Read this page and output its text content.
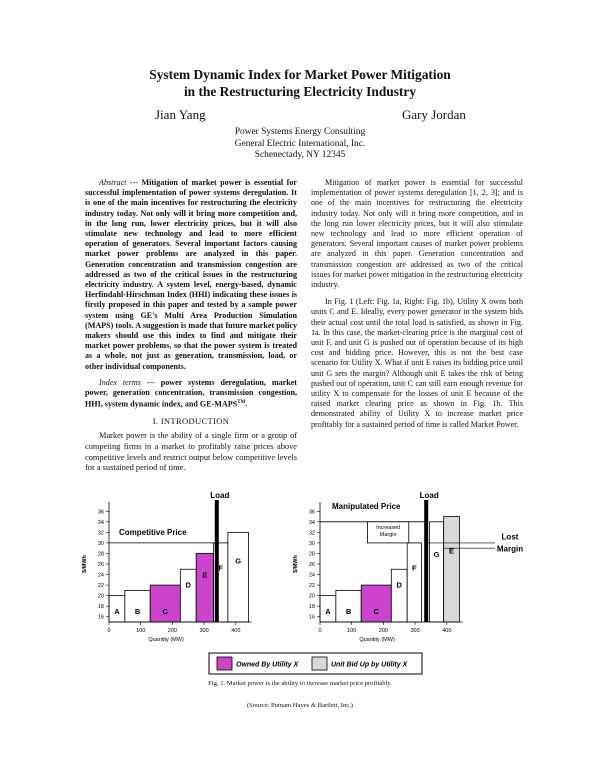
System Dynamic Index for Market Power Mitigation
in the Restructuring Electricity Industry
Jian Yang	Gary Jordan
Power Systems Energy Consulting
General Electric International, Inc.
Schenectady, NY 12345

Abstract --- Mitigation of market power is essential for successful implementation of power systems deregulation. It is one of the main incentives for restructuring the electricity industry today. Not only will it bring more competition and, in the long run, lower electricity prices, but it will also stimulate new technology and lead to more efficient operation of generators. Several important factors causing market power problems are analyzed in this paper. Generation concentration and transmission congestion are addressed as two of the critical issues in the restructuring electricity industry. A system level, energy-based, dynamic Herfindahl-Hirschman Index (HHI) indicating these issues is firstly proposed in this paper and tested by a sample power system using GE's Multi Area Production Simulation (MAPS) tools. A suggestion is made that future market policy makers should use this index to find and mitigate their market power problems, so that the power system is treated as a whole, not just as generation, transmission, load, or other individual components.

Index terms --- power systems deregulation, market power, generation concentration, transmission congestion, HHI, system dynamic index, and GE-MAPS™.

I. INTRODUCTION

Market power is the ability of a single firm or a group of competing firms in a market to profitably raise prices above competitive levels and restrict output below competitive levels for a sustained period of time.

Mitigation of market power is essential for successful implementation of power systems deregulation [1, 2, 3]; and is one of the main incentives for restructuring the electricity industry today. Not only will it bring more competition, and in the long run lower electricity prices, but it will also stimulate new technology and lead to more efficient operation of generators. Several important causes of market power problems are analyzed in this paper. Generation concentration and transmission congestion are addressed as two of the critical issues for market power mitigation in the restructuring electricity industry.

In Fig. 1 (Left: Fig. 1a, Right: Fig. 1b), Utility X owns both units C and E. Ideally, every power generator in the system bids their actual cost until the total load is satisfied, as shown in Fig. 1a. In this case, the market-clearing price is the marginal cost of unit F, and unit G is pushed out of operation because of its high cost and bidding price. However, this is not the best case scenario for Utility X. What if unit E raises its bidding price until unit G sets the margin? Although unit E takes the risk of being pushed out of operation, unit C can still earn enough revenue for utility X to compensate for the losses of unit E because of the raised market clearing price as shown in Fig. 1b. This demonstrated ability of Utility X to increase market price profitably for a sustained period of time is called Market Power.

A B	C
D
E
F
G
16
18
20
22
24
26
28
30
32
34
36
0	100	200	300	400
$/MWh
Quantity (MW)
Load
Competitive Price
A B	C
D
F
G E
16
18
20
22
24
26
28
30
32
34
36
0	100	200	300	400
$/MWh
Quantity (MW)
Load
Manipulated Price
Increased
Margin	Lost
Margin
Owned By Utility X	Unit Bid Up by Utility X
Fig. 1. Market power is the ability to increase market price profitably.
(Source: Putnam Hayes & Bartlett, Inc.)
